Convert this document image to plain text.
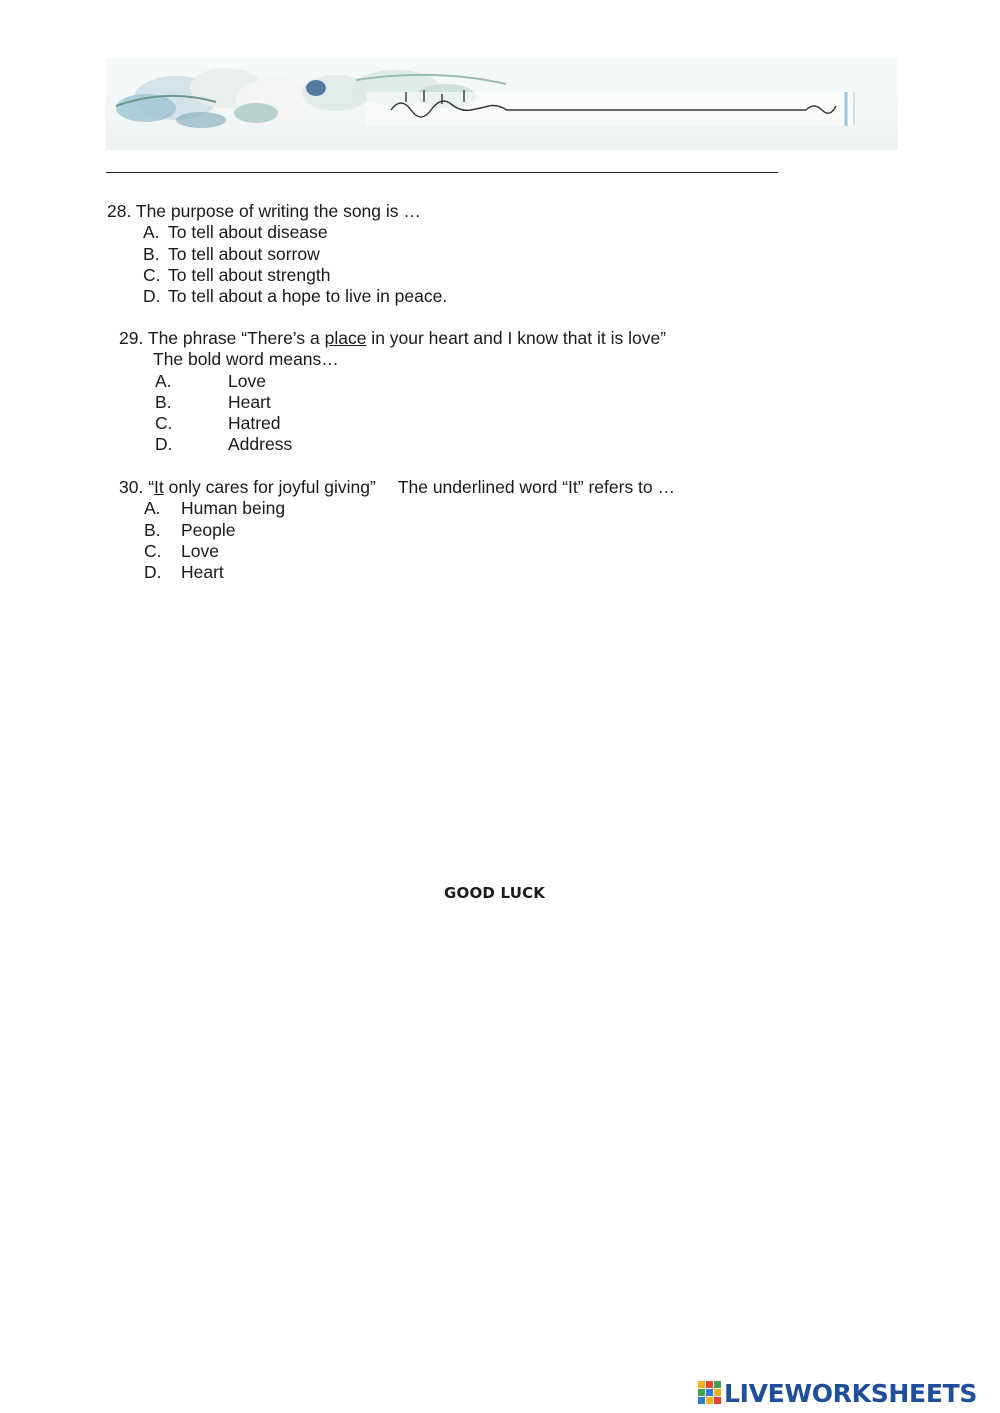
28. The purpose of writing the song is …
A. To tell about disease
B. To tell about sorrow
C. To tell about strength
D. To tell about a hope to live in peace.
29. The phrase “There’s a place in your heart and I know that it is love”
The bold word means…
A.	Love
B.	Heart
C.	Hatred
D.	Address
30. “It only cares for joyful giving” The underlined word “It” refers to …
A. Human being
B. People
C. Love
D. Heart
GOOD LUCK
LIVEWORKSHEETS
